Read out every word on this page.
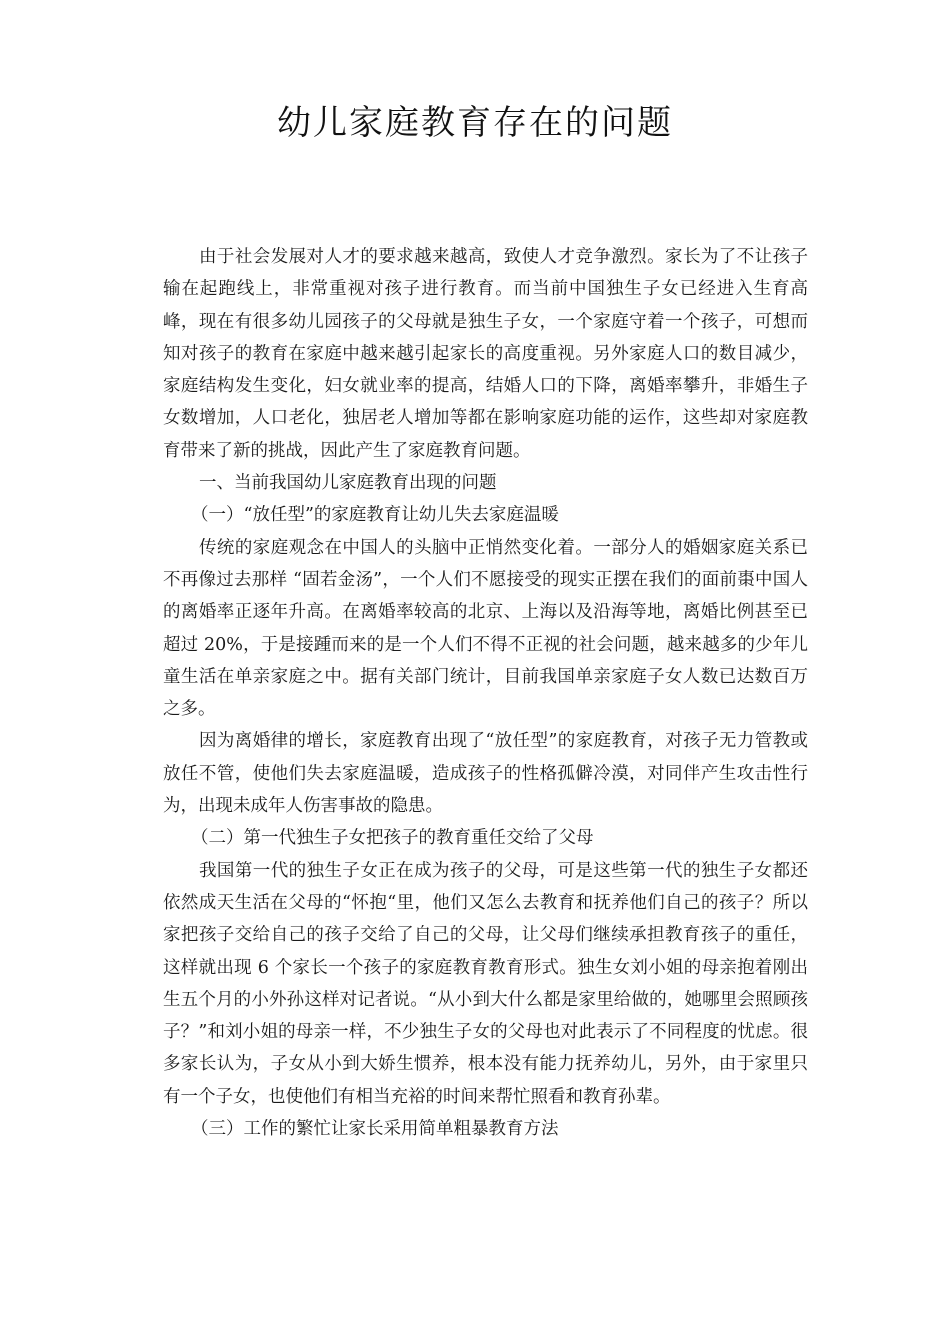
幼儿家庭教育存在的问题

由于社会发展对人才的要求越来越高，致使人才竞争激烈。家长为了不让孩子输在起跑线上，非常重视对孩子进行教育。而当前中国独生子女已经进入生育高峰，现在有很多幼儿园孩子的父母就是独生子女，一个家庭守着一个孩子，可想而知对孩子的教育在家庭中越来越引起家长的高度重视。另外家庭人口的数目减少，家庭结构发生变化，妇女就业率的提高，结婚人口的下降，离婚率攀升，非婚生子女数增加，人口老化，独居老人增加等都在影响家庭功能的运作，这些却对家庭教育带来了新的挑战，因此产生了家庭教育问题。

一、当前我国幼儿家庭教育出现的问题

（一）“放任型”的家庭教育让幼儿失去家庭温暖

传统的家庭观念在中国人的头脑中正悄然变化着。一部分人的婚姻家庭关系已不再像过去那样 “固若金汤”，一个人们不愿接受的现实正摆在我们的面前棗中国人的离婚率正逐年升高。在离婚率较高的北京、上海以及沿海等地，离婚比例甚至已超过 20%，于是接踵而来的是一个人们不得不正视的社会问题，越来越多的少年儿童生活在单亲家庭之中。据有关部门统计，目前我国单亲家庭子女人数已达数百万之多。

因为离婚律的增长，家庭教育出现了“放任型”的家庭教育，对孩子无力管教或放任不管，使他们失去家庭温暖，造成孩子的性格孤僻冷漠，对同伴产生攻击性行为，出现未成年人伤害事故的隐患。

（二）第一代独生子女把孩子的教育重任交给了父母

我国第一代的独生子女正在成为孩子的父母，可是这些第一代的独生子女都还依然成天生活在父母的“怀抱“里，他们又怎么去教育和抚养他们自己的孩子？所以家把孩子交给自己的孩子交给了自己的父母，让父母们继续承担教育孩子的重任，这样就出现 6 个家长一个孩子的家庭教育教育形式。独生女刘小姐的母亲抱着刚出生五个月的小外孙这样对记者说。“从小到大什么都是家里给做的，她哪里会照顾孩子？”和刘小姐的母亲一样，不少独生子女的父母也对此表示了不同程度的忧虑。很多家长认为，子女从小到大娇生惯养，根本没有能力抚养幼儿，另外，由于家里只有一个子女，也使他们有相当充裕的时间来帮忙照看和教育孙辈。

（三）工作的繁忙让家长采用简单粗暴教育方法
